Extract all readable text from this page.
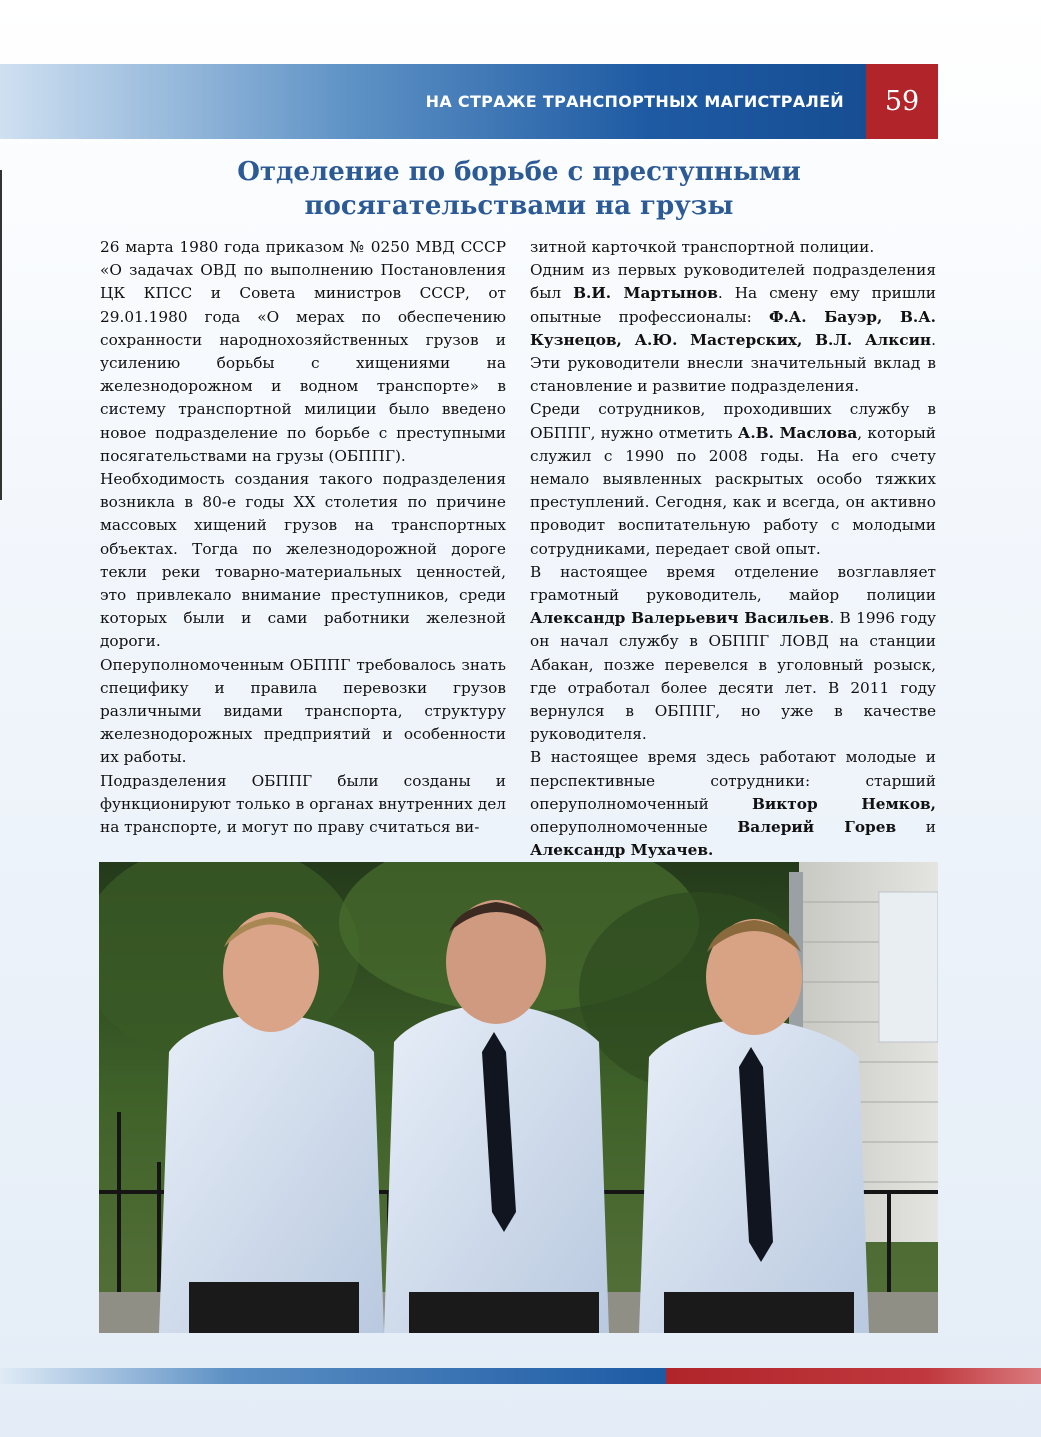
НА СТРАЖЕ ТРАНСПОРТНЫХ МАГИСТРАЛЕЙ	59
Отделение по борьбе с преступными
посягательствами на грузы

26 марта 1980 года приказом № 0250 МВД СССР «О задачах ОВД по выполнению Постановления ЦК КПСС и Совета министров СССР, от 29.01.1980 года «О мерах по обеспечению сохранности народнохозяйственных грузов и усилению борьбы с хищениями на железнодорожном и водном транспорте» в систему транспортной милиции было введено новое подразделение по борьбе с преступными посягательствами на грузы (ОБППГ).

Необходимость создания такого подразделения возникла в 80-е годы XX столетия по причине массовых хищений грузов на транспортных объектах. Тогда по железнодорожной дороге текли реки товарно-материальных ценностей, это привлекало внимание преступников, среди которых были и сами работники железной дороги.

Оперуполномоченным ОБППГ требовалось знать специфику и правила перевозки грузов различными видами транспорта, структуру железнодорожных предприятий и особенности их работы.

Подразделения ОБППГ были созданы и функционируют только в органах внутренних дел на транспорте, и могут по праву считаться ви-

зитной карточкой транспортной полиции.

Одним из первых руководителей подразделения был В.И. Мартынов. На смену ему пришли опытные профессионалы: Ф.А. Бауэр, В.А. Кузнецов, А.Ю. Мастерских, В.Л. Алксин. Эти руководители внесли значительный вклад в становление и развитие подразделения.

Среди сотрудников, проходивших службу в ОБППГ, нужно отметить А.В. Маслова, который служил с 1990 по 2008 годы. На его счету немало выявленных раскрытых особо тяжких преступлений. Сегодня, как и всегда, он активно проводит воспитательную работу с молодыми сотрудниками, передает свой опыт.

В настоящее время отделение возглавляет грамотный руководитель, майор полиции Александр Валерьевич Васильев. В 1996 году он начал службу в ОБППГ ЛОВД на станции Абакан, позже перевелся в уголовный розыск, где отработал более десяти лет. В 2011 году вернулся в ОБППГ, но уже в качестве руководителя.

В настоящее время здесь работают молодые и перспективные сотрудники: старший оперуполномоченный Виктор Немков, оперуполномоченные Валерий Горев и Александр Мухачев.
